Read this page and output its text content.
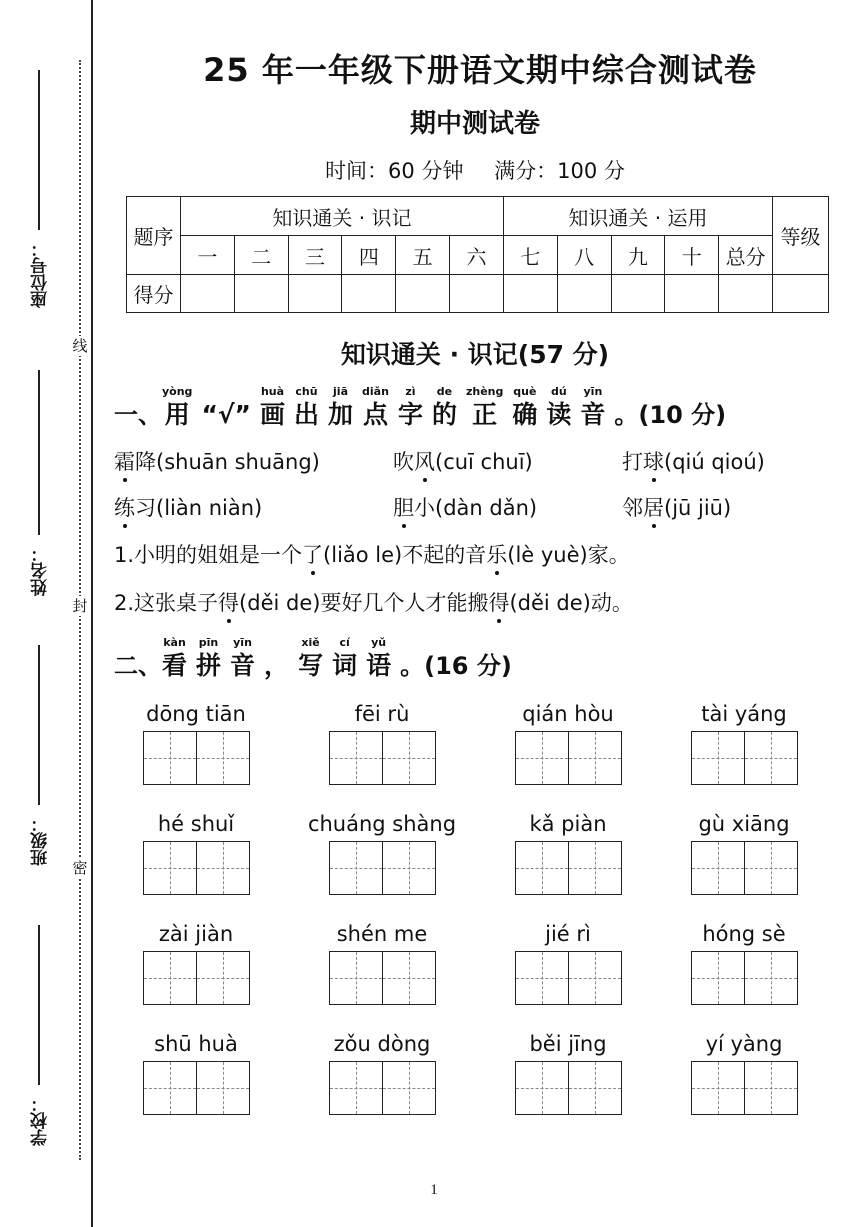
线
封
密
座位号：
姓名：
班级：
学校：
25 年一年级下册语文期中综合测试卷
期中测试卷
时间：60 分钟 满分：100 分
题序	知识通关 · 识记						知识通关 · 运用					等级
	一	二	三	四	五	六	七	八	九	十	总分	
得分												
知识通关 · 识记(57 分)
一、
yòng
用 “√”
huà
画
chū
出
jiā
加
diǎn
点
zì
字
de
的
zhèng
正
què
确
dú
读
yīn
音 。(10 分)
霜降(shuān shuāng)	吹风(cuī chuī)	打球(qiú qioú)
练习(liàn niàn)	胆小(dàn dǎn)	邻居(jū jiū)
1.小明的姐姐是一个了(liǎo le)不起的音乐(lè yuè)家。
2.这张桌子得(děi de)要好几个人才能搬得(děi de)动。
二、
kàn
看
pīn
拼
yīn
音 ，
xiě
写
cí
词
yǔ
语 。(16 分)
dōng tiān	fēi rù	qián hòu	tài yáng
hé shuǐ	chuáng shàng	kǎ piàn	gù xiāng
zài jiàn	shén me	jié rì	hóng sè
shū huà	zǒu dòng	běi jīng	yí yàng
1
